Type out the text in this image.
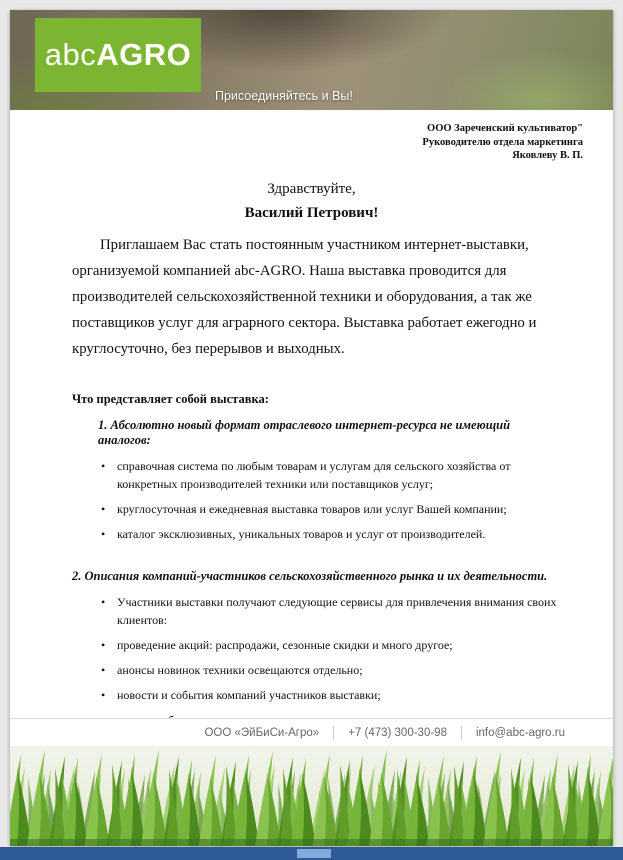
abc AGRO
Присоединяйтесь и Вы!
ООО Зареченский культиватор"
Руководителю отдела маркетинга
Яковлеву В. П.
Здравствуйте,
Василий Петрович!

Приглашаем Вас стать постоянным участником интернет-выставки, организуемой компанией abc-AGRO. Наша выставка проводится для производителей сельскохозяйственной техники и оборудования, а так же поставщиков услуг для аграрного сектора. Выставка работает ежегодно и круглосуточно, без перерывов и выходных.

Что представляет собой выставка:
1. Абсолютно новый формат отраслевого интернет-ресурса не имеющий аналогов:
• справочная система по любым товарам и услугам для сельского хозяйства от конкретных производителей техники или поставщиков услуг;
• круглосуточная и ежедневная выставка товаров или услуг Вашей компании;
• каталог эксклюзивных, уникальных товаров и услуг от производителей.
2. Описания компаний-участников сельскохозяйственного рынка и их деятельности.
• Участники выставки получают следующие сервисы для привлечения внимания своих клиентов:
• проведение акций: распродажи, сезонные скидки и много другое;
• анонсы новинок техники освещаются отдельно;
• новости и события компаний участников выставки;
•
ООО «ЭйБиСи-Агро»	+7 (473) 300-30-98	info@abc-agro.ru
